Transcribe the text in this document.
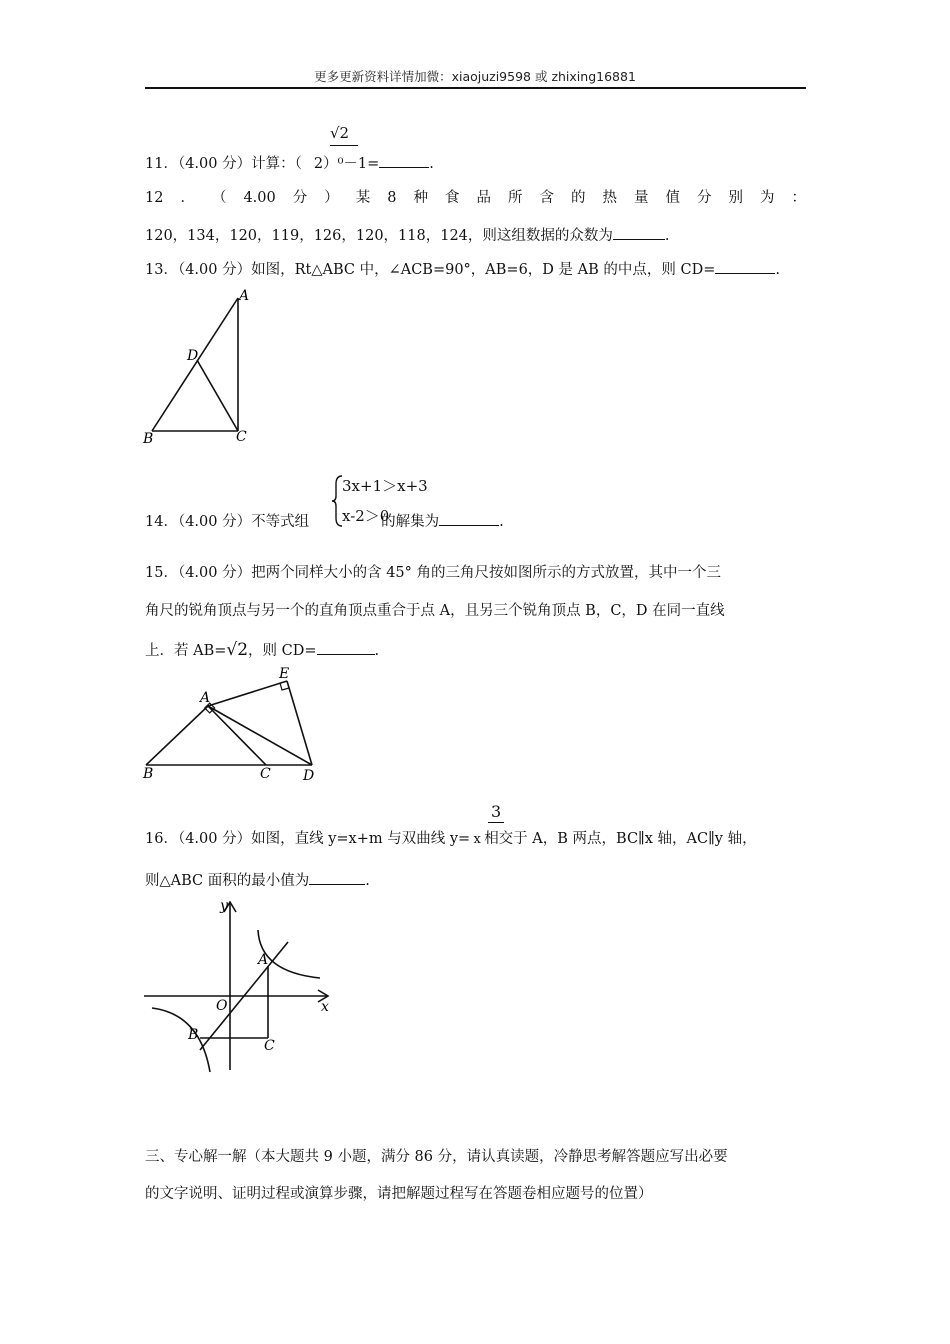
更多更新资料详情加微：xiaojuzi9598 或 zhixing16881
√2
11．（4.00 分）计算：（ 2）⁰－1=	.
12 ． （ 4.00 分 ） 某 8 种 食 品 所 含 的 热 量 值 分 别 为 ：
120，134，120，119，126，120，118，124，则这组数据的众数为	.
13．（4.00 分）如图，Rt△ABC 中，∠ACB=90°，AB=6，D 是 AB 的中点，则 CD=	.
A
D
B	C
3x+1＞x+3
x-2＞0
14．（4.00 分）不等式组	的解集为	.
15．（4.00 分）把两个同样大小的含 45° 角的三角尺按如图所示的方式放置，其中一个三
角尺的锐角顶点与另一个的直角顶点重合于点 A，且另三个锐角顶点 B，C，D 在同一直线
上．若 AB=√2，则 CD=	.
A
E
B	C D
3
16．（4.00 分）如图，直线 y=x+m 与双曲线 y= x 相交于 A，B 两点，BC∥x 轴，AC∥y 轴，
则△ABC 面积的最小值为	.
y
x
O
A
B
C
三、专心解一解（本大题共 9 小题，满分 86 分，请认真读题，冷静思考解答题应写出必要
的文字说明、证明过程或演算步骤，请把解题过程写在答题卷相应题号的位置）
